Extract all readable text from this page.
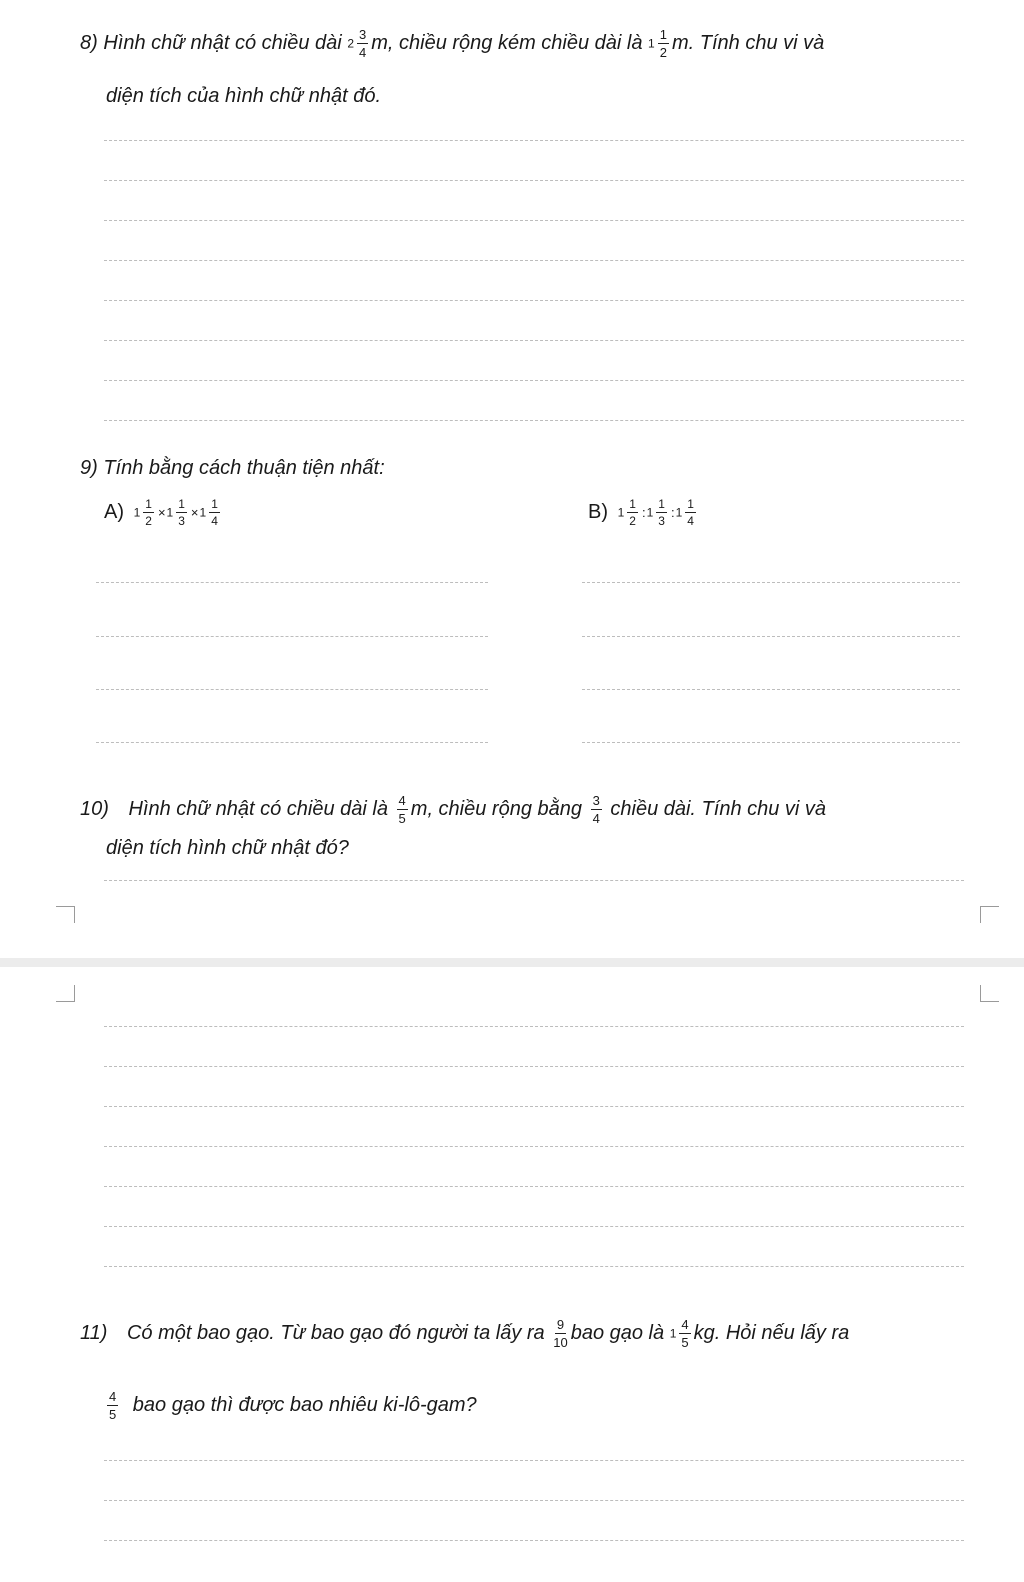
8) Hình chữ nhật có chiều dài $2 \frac{3}{4} m$, chiều rộng kém chiều dài là $1 \frac{1}{2} m$. Tính chu vi và
diện tích của hình chữ nhật đó.
9) Tính bằng cách thuận tiện nhất:
A) $1 \frac{1}{2} \times 1 \frac{1}{3} \times 1 \frac{1}{4}$	B) $1 \frac{1}{2}$ :1 $\frac{1}{3}$ :1 $\frac{1}{4}$
10) Hình chữ nhật có chiều dài là $\frac{4}{5} m$, chiều rộng bằng $\frac{3}{4}$ chiều dài. Tính chu vi và
diện tích hình chữ nhật đó?
11) Có một bao gạo. Từ bao gạo đó người ta lấy ra $\frac{9}{10}$ bao gạo là $1 \frac{4}{5}$ kg. Hỏi nếu lấy ra
$\frac{4}{5}$ bao gạo thì được bao nhiêu ki-lô-gam?
